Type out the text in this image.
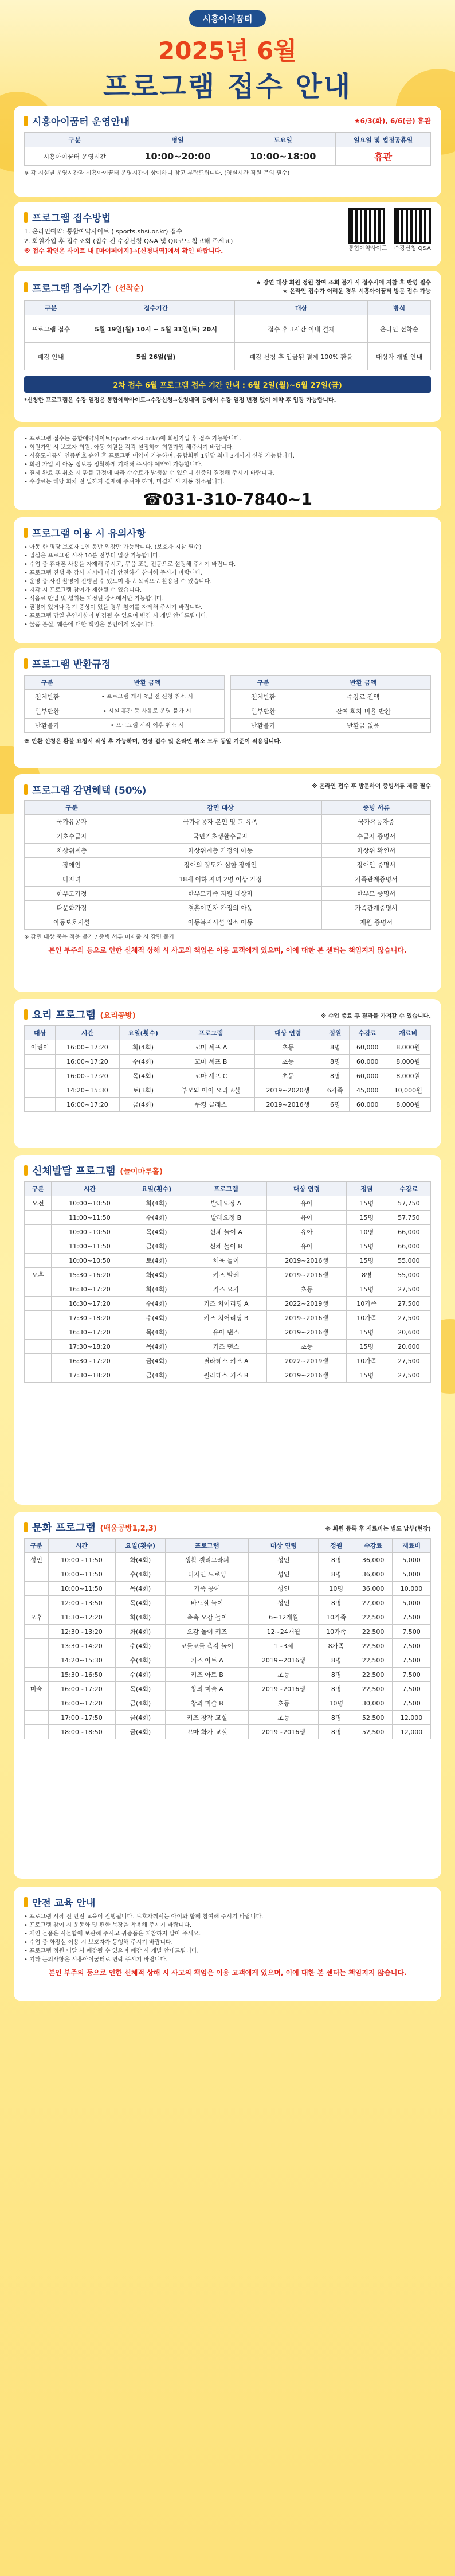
시흥아이꿈터
2025년 6월
프로그램 접수 안내
시흥아이꿈터 운영안내	★6/3(화), 6/6(금) 휴관
구분	평일	토요일	일요일 및 법정공휴일
시흥아이꿈터 운영시간	10:00~20:00	10:00~18:00	휴관
※ 각 시설별 운영시간과 시흥아이꿈터 운영시간이 상이하니 참고 부탁드립니다. (영실시간 직원 문의 필수)
프로그램 접수방법
1. 온라인예약: 통합예약사이트 ( sports.shsi.or.kr) 접수
2. 회원가입 후 접수조회 (접수 전 수강신청 Q&A 및 QR코드 참고해 주세요)
※ 접수 확인은 사이트 내 [마이페이지]→[신청내역]에서 확인 바랍니다.	통합예약사이트 수강신청 Q&A
프로그램 접수기간 (선착순)
★ 강연 대상 회원 정원 참여 조회 불가 시 접수시에 지참 후 반영 필수
★ 온라인 접수가 어려운 경우 시흥아이꿈터 방문 접수 가능
구분	접수기간	대상	방식
프로그램 접수	5월 19일(월) 10시 ~ 5월 31일(토) 20시	접수 후 3시간 이내 결제	온라인 선착순
폐강 안내	5월 26일(월)	폐강 신청 후 입금된 결제 100% 환불	대상자 개별 안내
2차 접수 6월 프로그램 접수 기간 안내 : 6월 2일(월)~6월 27일(금)
*신청한 프로그램은 수강 일정은 통합예약사이트→수강신청→신청내역 등에서 수강 일정 변경 없이 예약 후 입장 가능합니다.
• 프로그램 접수는 통합예약사이트(sports.shsi.or.kr)에 회원가입 후 접수 가능합니다.
• 회원가입 시 보호자 회원, 아동 회원을 각각 설정하여 회원가입 해주시기 바랍니다.
• 시흥도시공사 인증번호 승인 후 프로그램 예약이 가능하며, 통합회원 1인당 최대 3개까지 신청 가능합니다.
• 회원 가입 시 아동 정보를 정확하게 기재해 주셔야 예약이 가능합니다.
• 결제 완료 후 취소 시 환불 규정에 따라 수수료가 발생할 수 있으니 신중히 결정해 주시기 바랍니다.
• 수강료는 해당 회차 전 일까지 결제해 주셔야 하며, 미결제 시 자동 취소됩니다.
☎031-310-7840~1
프로그램 이용 시 유의사항
• 아동 한 명당 보호자 1인 동반 입장만 가능합니다. (보호자 지참 필수)
• 입실은 프로그램 시작 10분 전부터 입장 가능합니다.
• 수업 중 휴대폰 사용을 자제해 주시고, 무음 또는 진동으로 설정해 주시기 바랍니다.
• 프로그램 진행 중 강사 지시에 따라 안전하게 참여해 주시기 바랍니다.
• 운영 중 사진 촬영이 진행될 수 있으며 홍보 목적으로 활용될 수 있습니다.
• 지각 시 프로그램 참여가 제한될 수 있습니다.
• 식음료 반입 및 섭취는 지정된 장소에서만 가능합니다.
• 질병이 있거나 감기 증상이 있을 경우 참여를 자제해 주시기 바랍니다.
• 프로그램 당일 운영사항이 변경될 수 있으며 변경 시 개별 안내드립니다.
• 물품 분실, 훼손에 대한 책임은 본인에게 있습니다.
프로그램 반환규정
구분	반환 금액
전체반환	• 프로그램 개시 3일 전 신청 취소 시
일부반환	• 시설 휴관 등 사유로 운영 불가 시
반환불가	• 프로그램 시작 이후 취소 시
구분	반환 금액
전체반환	수강료 전액
일부반환	잔여 회차 비율 반환
반환불가	반환금 없음
※ 반환 신청은 환불 요청서 작성 후 가능하며, 현장 접수 및 온라인 취소 모두 동일 기준이 적용됩니다.
프로그램 감면혜택 (50%)	※ 온라인 접수 후 방문하여 증빙서류 제출 필수
구분	감면 대상	증빙 서류
국가유공자	국가유공자 본인 및 그 유족	국가유공자증
기초수급자	국민기초생활수급자	수급자 증명서
차상위계층	차상위계층 가정의 아동	차상위 확인서
장애인	장애의 정도가 심한 장애인	장애인 증명서
다자녀	18세 이하 자녀 2명 이상 가정	가족관계증명서
한부모가정	한부모가족 지원 대상자	한부모 증명서
다문화가정	결혼이민자 가정의 아동	가족관계증명서
아동보호시설	아동복지시설 입소 아동	재원 증명서
※ 감면 대상 중복 적용 불가 / 증빙 서류 미제출 시 감면 불가
본인 부주의 등으로 인한 신체적 상해 시 사고의 책임은 이용 고객에게 있으며, 이에 대한 본 센터는 책임지지 않습니다.
요리 프로그램 (요리공방)	※ 수업 종료 후 결과물 가져갈 수 있습니다.
대상	시간	요일(횟수)	프로그램	대상 연령	정원	수강료	재료비
어린이	16:00~17:20	화(4회)	꼬마 셰프 A	초등	8명	60,000	8,000원
	16:00~17:20	수(4회)	꼬마 셰프 B	초등	8명	60,000	8,000원
	16:00~17:20	목(4회)	꼬마 셰프 C	초등	8명	60,000	8,000원
	14:20~15:30	토(3회)	부모와 아이 요리교실	2019~2020생	6가족	45,000	10,000원
	16:00~17:20	금(4회)	쿠킹 클래스	2019~2016생	6명	60,000	8,000원
신체발달 프로그램 (놀이마루홀)
구분	시간	요일(횟수)	프로그램	대상 연령	정원	수강료
오전	10:00~10:50	화(4회)	발레요정 A	유아	15명	57,750
	11:00~11:50	수(4회)	발레요정 B	유아	15명	57,750
	10:00~10:50	목(4회)	신체 놀이 A	유아	10명	66,000
	11:00~11:50	금(4회)	신체 놀이 B	유아	15명	66,000
	10:00~10:50	토(4회)	체육 놀이	2019~2016생	15명	55,000
오후	15:30~16:20	화(4회)	키즈 발레	2019~2016생	8명	55,000
	16:30~17:20	화(4회)	키즈 요가	초등	15명	27,500
	16:30~17:20	수(4회)	키즈 치어리딩 A	2022~2019생	10가족	27,500
	17:30~18:20	수(4회)	키즈 치어리딩 B	2019~2016생	10가족	27,500
	16:30~17:20	목(4회)	유아 댄스	2019~2016생	15명	20,600
	17:30~18:20	목(4회)	키즈 댄스	초등	15명	20,600
	16:30~17:20	금(4회)	필라테스 키즈 A	2022~2019생	10가족	27,500
	17:30~18:20	금(4회)	필라테스 키즈 B	2019~2016생	15명	27,500
문화 프로그램 (배움공방1,2,3)	※ 회원 등록 후 재료비는 별도 납부(현장)
구분	시간	요일(횟수)	프로그램	대상 연령	정원	수강료	재료비
성인	10:00~11:50	화(4회)	생활 캘리그라피	성인	8명	36,000	5,000
	10:00~11:50	수(4회)	디자인 드로잉	성인	8명	36,000	5,000
	10:00~11:50	목(4회)	가죽 공예	성인	10명	36,000	10,000
	12:00~13:50	목(4회)	바느질 놀이	성인	8명	27,000	5,000
오후	11:30~12:20	화(4회)	촉촉 오감 놀이	6~12개월	10가족	22,500	7,500
	12:30~13:20	화(4회)	오감 놀이 키즈	12~24개월	10가족	22,500	7,500
	13:30~14:20	수(4회)	꼬물꼬물 촉감 놀이	1~3세	8가족	22,500	7,500
	14:20~15:30	수(4회)	키즈 아트 A	2019~2016생	8명	22,500	7,500
	15:30~16:50	수(4회)	키즈 아트 B	초등	8명	22,500	7,500
미술	16:00~17:20	목(4회)	창의 미술 A	2019~2016생	8명	22,500	7,500
	16:00~17:20	금(4회)	창의 미술 B	초등	10명	30,000	7,500
	17:00~17:50	금(4회)	키즈 창작 교실	초등	8명	52,500	12,000
	18:00~18:50	금(4회)	꼬마 화가 교실	2019~2016생	8명	52,500	12,000
안전 교육 안내
• 프로그램 시작 전 안전 교육이 진행됩니다. 보호자께서는 아이와 함께 참여해 주시기 바랍니다.
• 프로그램 참여 시 운동화 및 편한 복장을 착용해 주시기 바랍니다.
• 개인 물품은 사물함에 보관해 주시고 귀중품은 지참하지 말아 주세요.
• 수업 중 화장실 이용 시 보호자가 동행해 주시기 바랍니다.
• 프로그램 정원 미달 시 폐강될 수 있으며 폐강 시 개별 안내드립니다.
• 기타 문의사항은 시흥아이꿈터로 연락 주시기 바랍니다.
본인 부주의 등으로 인한 신체적 상해 시 사고의 책임은 이용 고객에게 있으며, 이에 대한 본 센터는 책임지지 않습니다.
